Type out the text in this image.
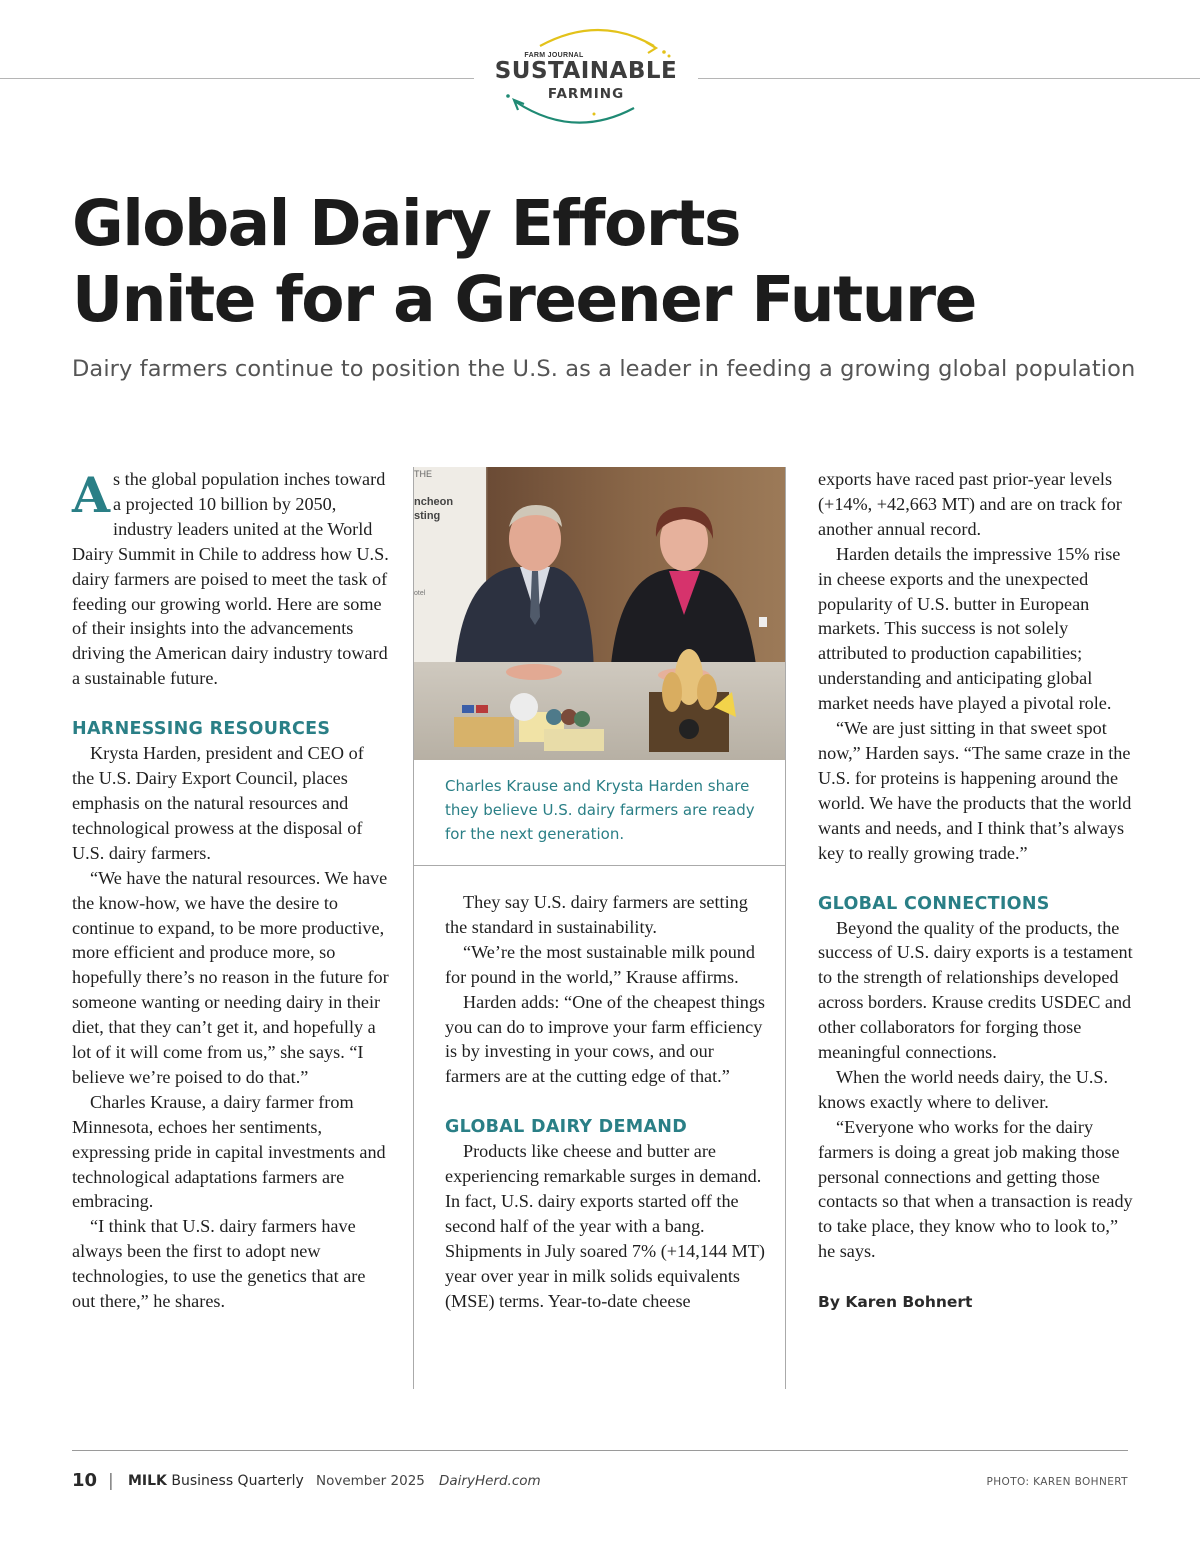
FARM JOURNAL
SUSTAINABLE
FARMING
Global Dairy Efforts
Unite for a Greener Future
Dairy farmers continue to position the U.S. as a leader in feeding a growing global population

As the global population inches toward a projected 10 billion by 2050, industry leaders united at the World Dairy Summit in Chile to address how U.S. dairy farmers are poised to meet the task of feeding our growing world. Here are some of their insights into the advancements driving the American dairy industry toward a sustainable future.

HARNESSING RESOURCES

Krysta Harden, president and CEO of the U.S. Dairy Export Council, places emphasis on the natural resources and technological prowess at the disposal of U.S. dairy farmers.

“We have the natural resources. We have the know-how, we have the desire to continue to expand, to be more productive, more efficient and produce more, so hopefully there’s no reason in the future for someone wanting or needing dairy in their diet, that they can’t get it, and hopefully a lot of it will come from us,” she says. “I believe we’re poised to do that.”

Charles Krause, a dairy farmer from Minnesota, echoes her sentiments, expressing pride in capital investments and technological adaptations farmers are embracing.

“I think that U.S. dairy farmers have always been the first to adopt new technologies, to use the genetics that are out there,” he shares.

THE
ncheon
sting
otel
Charles Krause and Krysta Harden share they believe U.S. dairy farmers are ready for the next generation.

They say U.S. dairy farmers are setting the standard in sustainability.

“We’re the most sustainable milk pound for pound in the world,” Krause affirms.

Harden adds: “One of the cheapest things you can do to improve your farm efficiency is by investing in your cows, and our farmers are at the cutting edge of that.”

GLOBAL DAIRY DEMAND

Products like cheese and butter are experiencing remarkable surges in demand. In fact, U.S. dairy exports started off the second half of the year with a bang. Shipments in July soared 7% (+14,144 MT) year over year in milk solids equivalents (MSE) terms. Year-to-date cheese

exports have raced past prior-year levels (+14%, +42,663 MT) and are on track for another annual record.

Harden details the impressive 15% rise in cheese exports and the unexpected popularity of U.S. butter in European markets. This success is not solely attributed to production capabilities; understanding and anticipating global market needs have played a pivotal role.

“We are just sitting in that sweet spot now,” Harden says. “The same craze in the U.S. for proteins is happening around the world. We have the products that the world wants and needs, and I think that’s always key to really growing trade.”

GLOBAL CONNECTIONS

Beyond the quality of the products, the success of U.S. dairy exports is a testament to the strength of relationships developed across borders. Krause credits USDEC and other collaborators for forging those meaningful connections.

When the world needs dairy, the U.S. knows exactly where to deliver.

“Everyone who works for the dairy farmers is doing a great job making those personal connections and getting those contacts so that when a transaction is ready to take place, they know who to look to,” he says.

By Karen Bohnert
10 | MILK Business Quarterly November 2025 DairyHerd.com	PHOTO: KAREN BOHNERT
